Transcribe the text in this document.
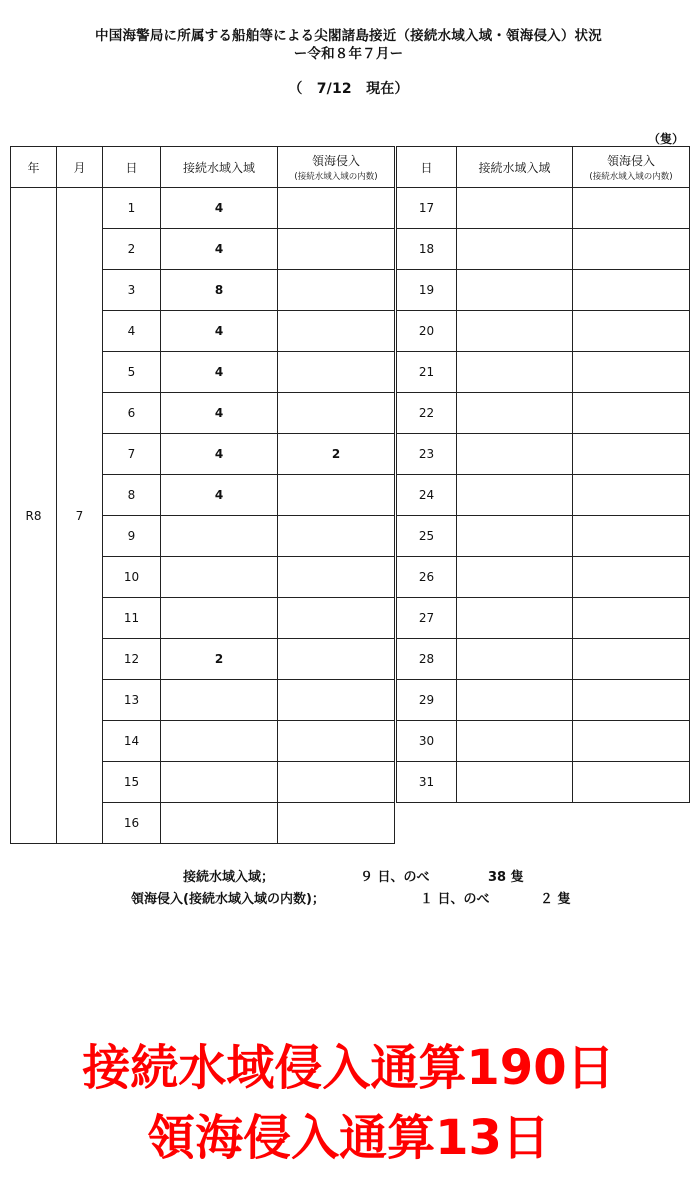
中国海警局に所属する船舶等による尖閣諸島接近（接続水域入域・領海侵入）状況
ー令和８年７月ー
（　7/12　現在）
（隻）
年	月	日	接続水域入域	領海侵入
(接続水域入域の内数)

R8	7	1	4	
		2	4	
		3	8	
		4	4	
		5	4	
		6	4	
		7	4	2
		8	4	
		9		
		10		
		11		
		12	2	
		13		
		14		
		15		
		16		
日	接続水域入域	領海侵入
(接続水域入域の内数)

17		
18		
19		
20		
21		
22		
23		
24		
25		
26		
27		
28		
29		
30		
31		
接続水域入域；	９ 日、のべ	38 隻
領海侵入(接続水域入域の内数)；	１ 日、のべ	２ 隻
接続水域侵入通算190日
領海侵入通算13日
